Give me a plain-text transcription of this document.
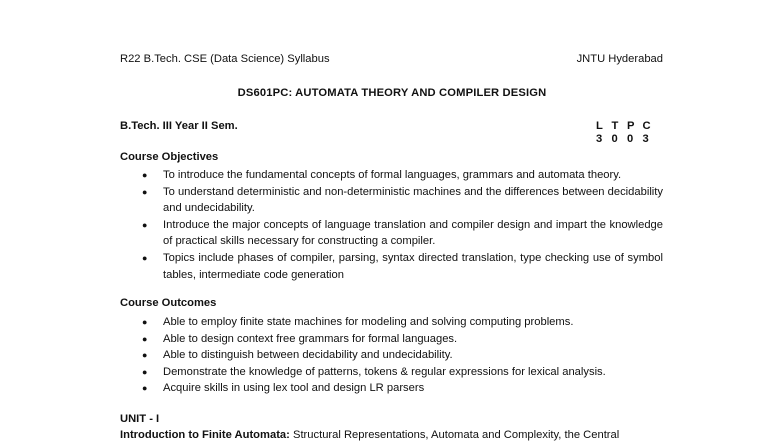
R22 B.Tech. CSE (Data Science) Syllabus	JNTU Hyderabad
DS601PC: AUTOMATA THEORY AND COMPILER DESIGN
B.Tech. III Year II Sem.	L T P C
3 0 0 3
Course Objectives
● To introduce the fundamental concepts of formal languages, grammars and automata theory.
● To understand deterministic and non-deterministic machines and the differences between decidability and undecidability.
● Introduce the major concepts of language translation and compiler design and impart the knowledge of practical skills necessary for constructing a compiler.
● Topics include phases of compiler, parsing, syntax directed translation, type checking use of symbol tables, intermediate code generation
Course Outcomes
● Able to employ finite state machines for modeling and solving computing problems.
● Able to design context free grammars for formal languages.
● Able to distinguish between decidability and undecidability.
● Demonstrate the knowledge of patterns, tokens & regular expressions for lexical analysis.
● Acquire skills in using lex tool and design LR parsers
UNIT - I
Introduction to Finite Automata: Structural Representations, Automata and Complexity, the Central
